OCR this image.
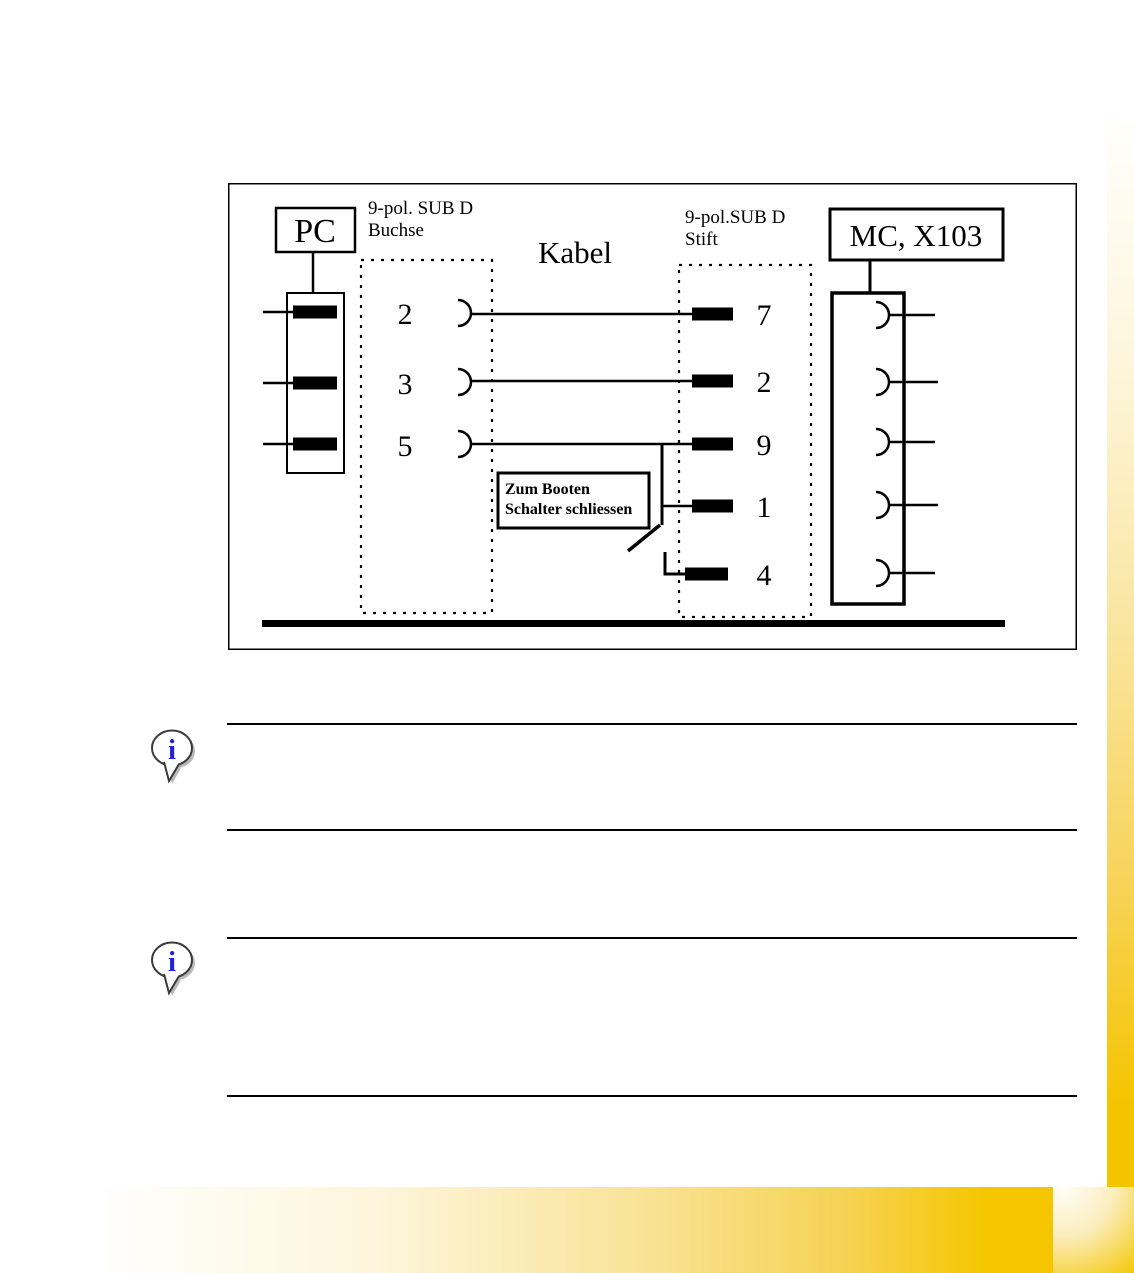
PC
9-pol. SUB D
Buchse
Kabel
2
3
5
Zum Booten
Schalter schliessen
9-pol.SUB D
Stift
7
2
9
1
4
MC, X103
i
i
